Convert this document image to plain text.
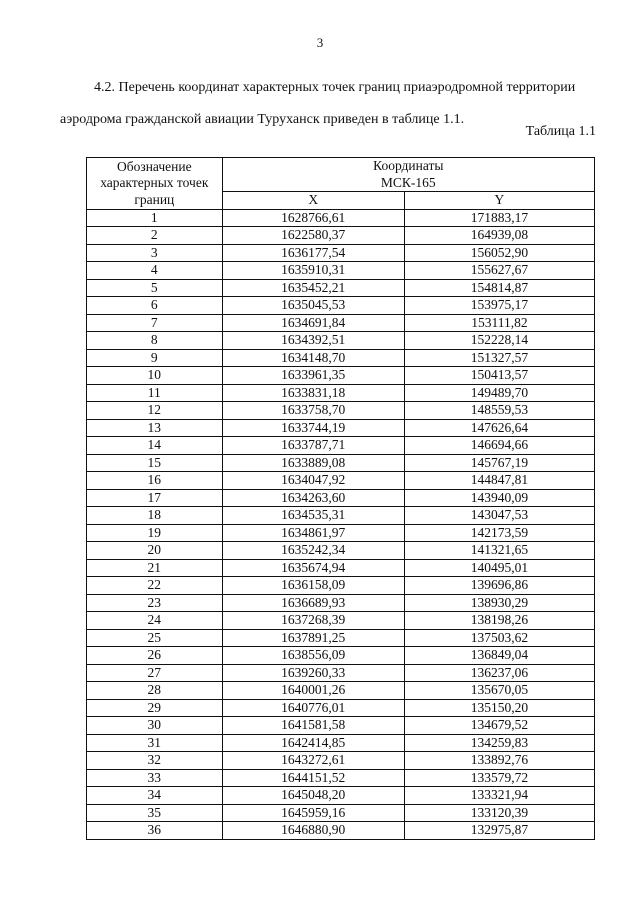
3

4.2. Перечень координат характерных точек границ приаэродромной территории

аэродрома гражданской авиации Туруханск приведен в таблице 1.1.

Таблица 1.1
Обозначение характерных точек границ	Координаты
МСК-165	

	X	Y
1	1628766,61	171883,17
2	1622580,37	164939,08
3	1636177,54	156052,90
4	1635910,31	155627,67
5	1635452,21	154814,87
6	1635045,53	153975,17
7	1634691,84	153111,82
8	1634392,51	152228,14
9	1634148,70	151327,57
10	1633961,35	150413,57
11	1633831,18	149489,70
12	1633758,70	148559,53
13	1633744,19	147626,64
14	1633787,71	146694,66
15	1633889,08	145767,19
16	1634047,92	144847,81
17	1634263,60	143940,09
18	1634535,31	143047,53
19	1634861,97	142173,59
20	1635242,34	141321,65
21	1635674,94	140495,01
22	1636158,09	139696,86
23	1636689,93	138930,29
24	1637268,39	138198,26
25	1637891,25	137503,62
26	1638556,09	136849,04
27	1639260,33	136237,06
28	1640001,26	135670,05
29	1640776,01	135150,20
30	1641581,58	134679,52
31	1642414,85	134259,83
32	1643272,61	133892,76
33	1644151,52	133579,72
34	1645048,20	133321,94
35	1645959,16	133120,39
36	1646880,90	132975,87
